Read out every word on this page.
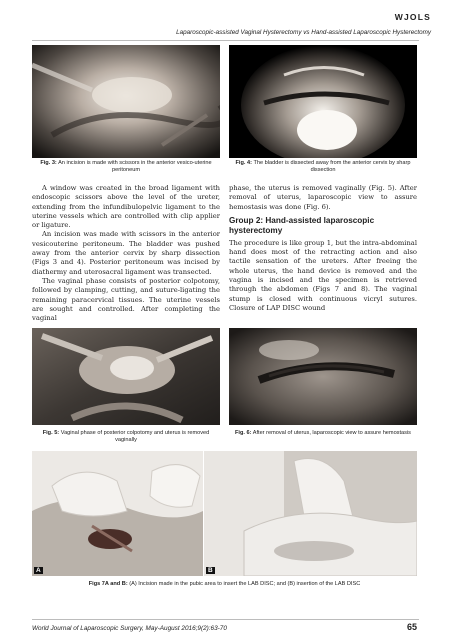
WJOLS
Laparoscopic-assisted Vaginal Hysterectomy vs Hand-assisted Laparoscopic Hysterectomy
Fig. 3: An incision is made with scissors in the anterior vesico-uterine peritoneum
Fig. 4: The bladder is dissected away from the anterior cervix by sharp dissection

A window was created in the broad ligament with endoscopic scissors above the level of the ureter, extending from the infundibulopelvic ligament to the uterine vessels which are controlled with clip applier or ligature.

An incision was made with scissors in the anterior vesicouterine peritoneum. The bladder was pushed away from the anterior cervix by sharp dissection (Figs 3 and 4). Posterior peritoneum was incised by diathermy and uterosacral ligament was transected.

The vaginal phase consists of posterior colpotomy, followed by clamping, cutting, and suture-ligating the remaining paracervical tissues. The uterine vessels are sought and controlled. After completing the vaginal

phase, the uterus is removed vaginally (Fig. 5). After removal of uterus, laparoscopic view to assure hemostasis was done (Fig. 6).

Group 2: Hand-assisted laparoscopic hysterectomy

The procedure is like group 1, but the intra-abdominal hand does most of the retracting action and also tactile sensation of the ureters. After freeing the whole uterus, the hand device is removed and the vagina is incised and the specimen is retrieved through the abdomen (Figs 7 and 8). The vaginal stump is closed with continuous vicryl sutures. Closure of LAP DISC wound

Fig. 5: Vaginal phase of posterior colpotomy and uterus is removed vaginally
Fig. 6: After removal of uterus, laparoscopic view to assure hemostasis
A	B
Figs 7A and B: (A) Incision made in the pubic area to insert the LAB DISC; and (B) insertion of the LAB DISC
World Journal of Laparoscopic Surgery, May-August 2016;9(2):63-70	65
